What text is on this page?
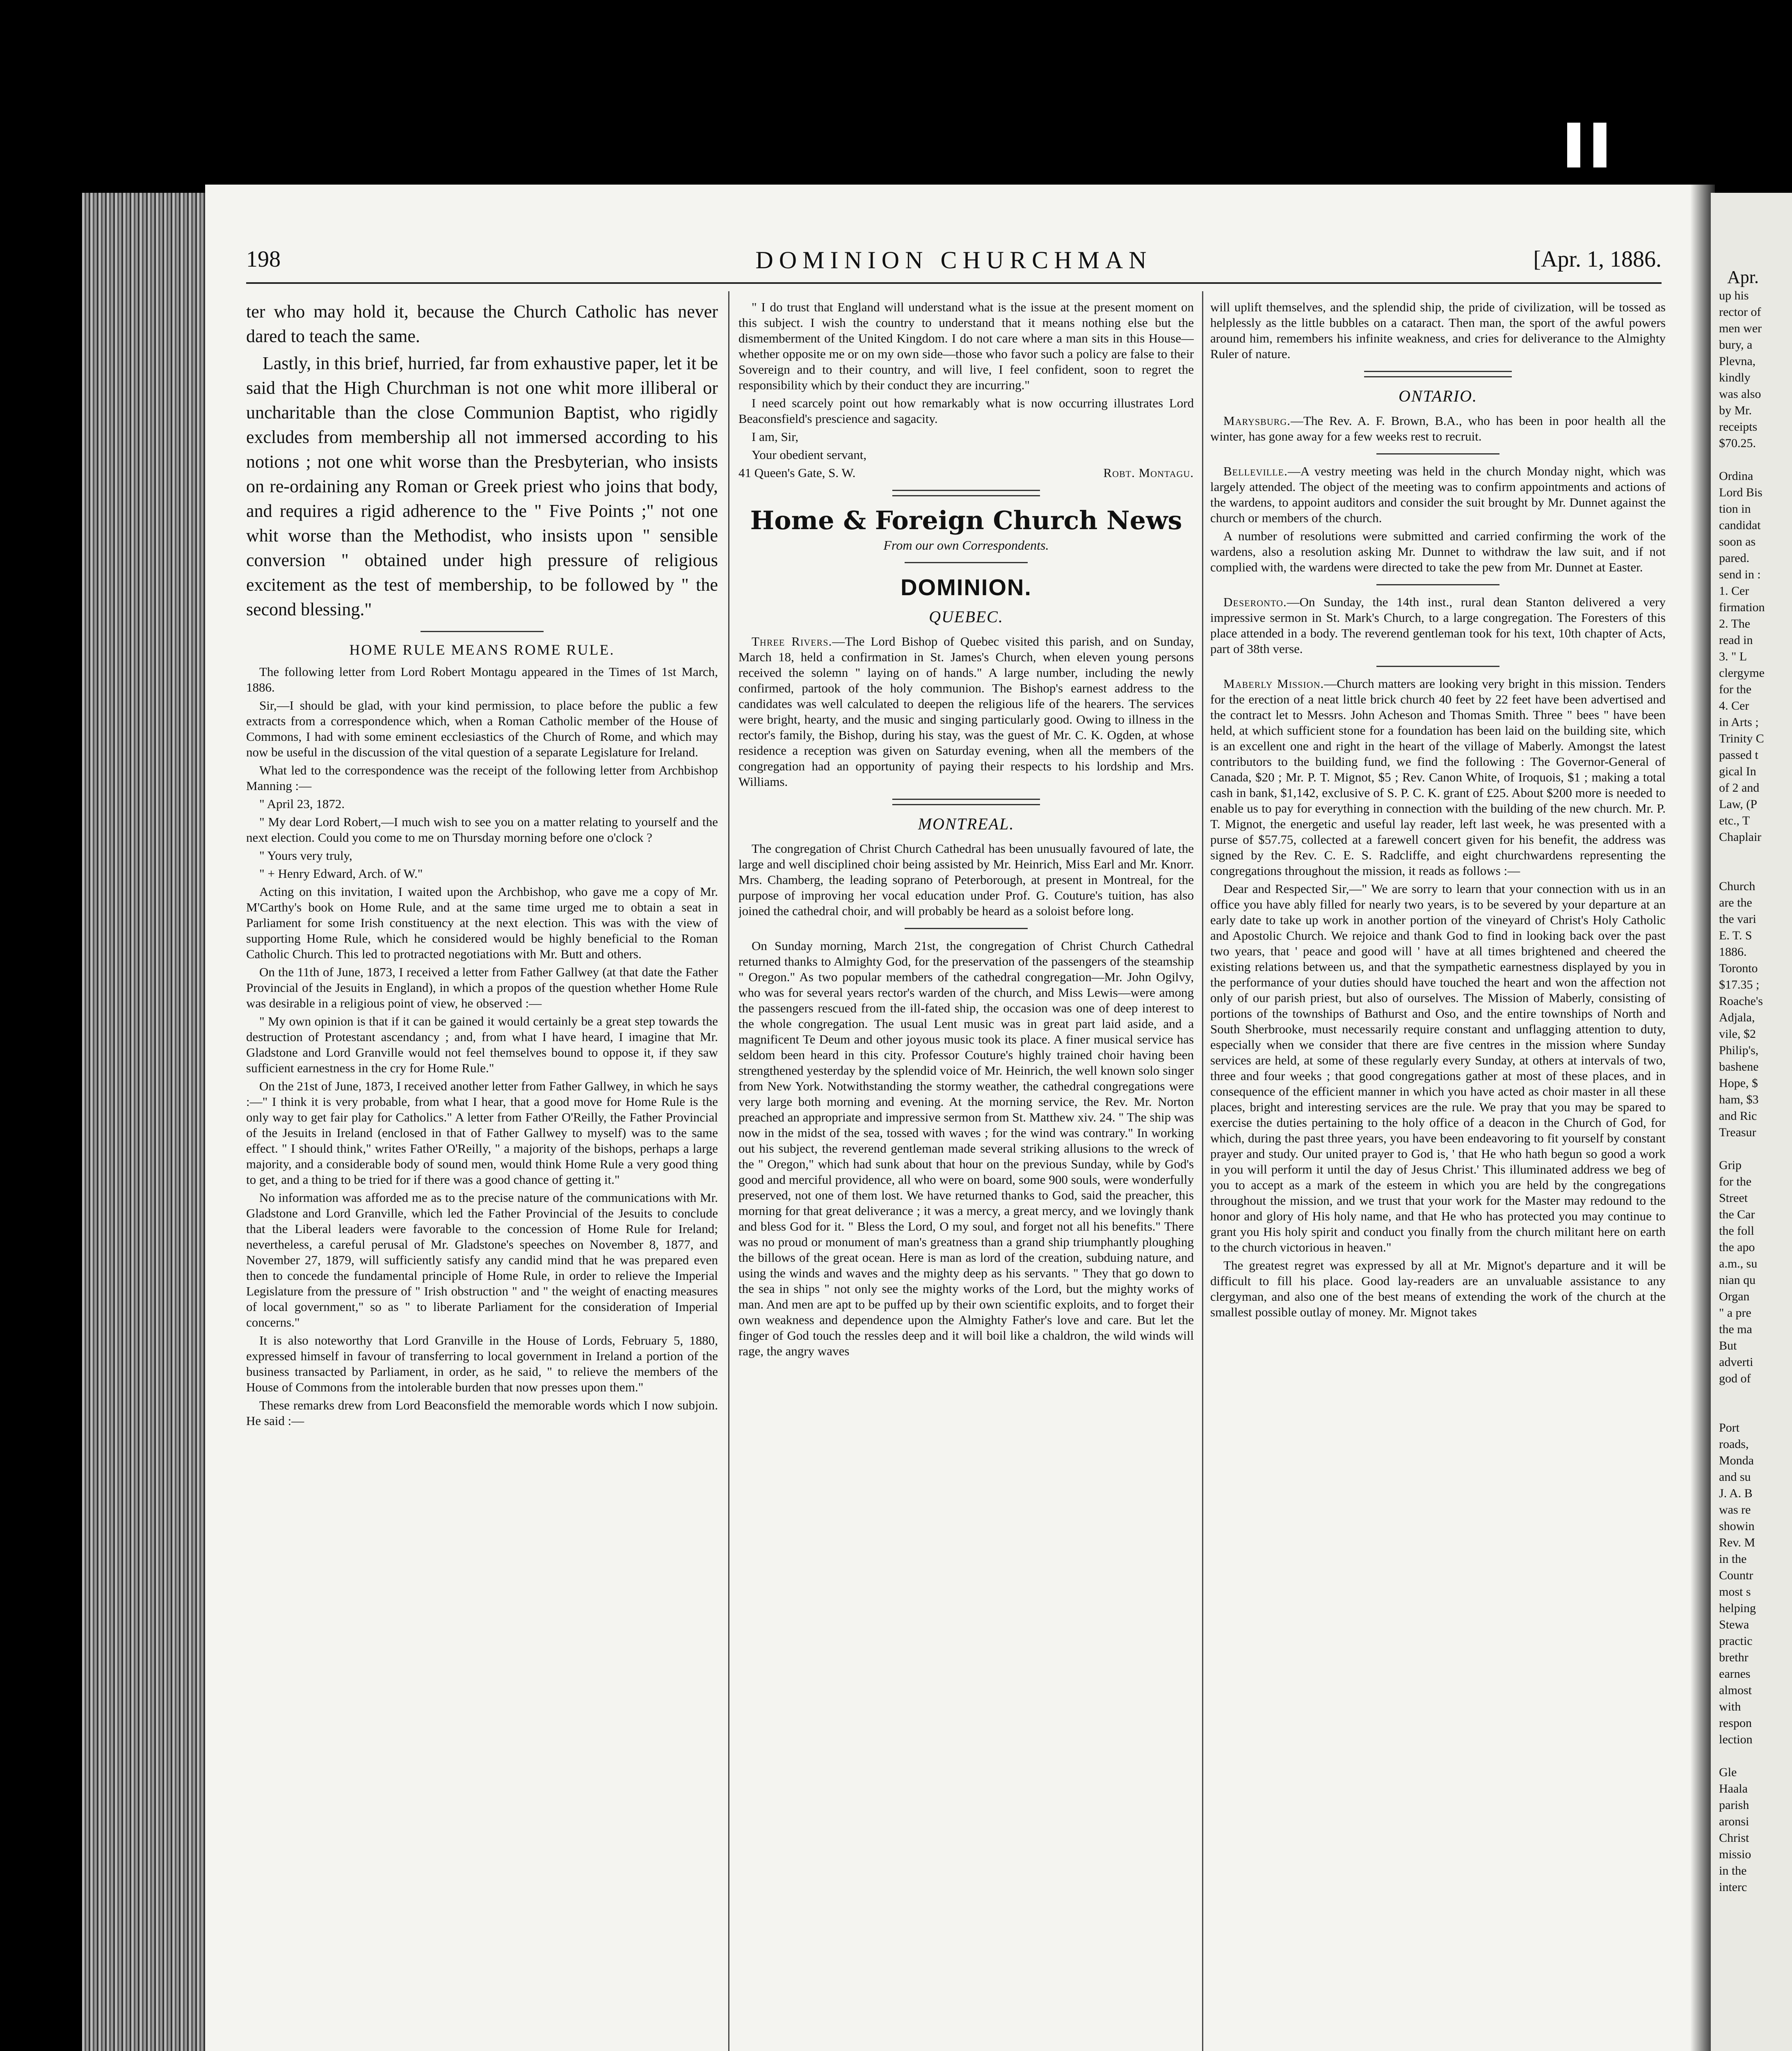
▌▌
198	DOMINION CHURCHMAN	[Apr. 1, 1886.

ter who may hold it, because the Church Catholic has never dared to teach the same.

Lastly, in this brief, hurried, far from exhaustive paper, let it be said that the High Churchman is not one whit more illiberal or uncharitable than the close Communion Baptist, who rigidly excludes from membership all not immersed according to his notions ; not one whit worse than the Presbyterian, who insists on re-ordaining any Roman or Greek priest who joins that body, and requires a rigid adherence to the " Five Points ;" not one whit worse than the Methodist, who insists upon " sensible conversion " obtained under high pressure of religious excitement as the test of membership, to be followed by " the second blessing."

HOME RULE MEANS ROME RULE.

The following letter from Lord Robert Montagu appeared in the Times of 1st March, 1886.

Sir,—I should be glad, with your kind permission, to place before the public a few extracts from a correspondence which, when a Roman Catholic member of the House of Commons, I had with some eminent ecclesiastics of the Church of Rome, and which may now be useful in the discussion of the vital question of a separate Legislature for Ireland.

What led to the correspondence was the receipt of the following letter from Archbishop Manning :—

" April 23, 1872.

" My dear Lord Robert,—I much wish to see you on a matter relating to yourself and the next election. Could you come to me on Thursday morning before one o'clock ?

" Yours very truly,

" + Henry Edward, Arch. of W."

Acting on this invitation, I waited upon the Archbishop, who gave me a copy of Mr. M'Carthy's book on Home Rule, and at the same time urged me to obtain a seat in Parliament for some Irish constituency at the next election. This was with the view of supporting Home Rule, which he considered would be highly beneficial to the Roman Catholic Church. This led to protracted negotiations with Mr. Butt and others.

On the 11th of June, 1873, I received a letter from Father Gallwey (at that date the Father Provincial of the Jesuits in England), in which a propos of the question whether Home Rule was desirable in a religious point of view, he observed :—

" My own opinion is that if it can be gained it would certainly be a great step towards the destruction of Protestant ascendancy ; and, from what I have heard, I imagine that Mr. Gladstone and Lord Granville would not feel themselves bound to oppose it, if they saw sufficient earnestness in the cry for Home Rule."

On the 21st of June, 1873, I received another letter from Father Gallwey, in which he says :—" I think it is very probable, from what I hear, that a good move for Home Rule is the only way to get fair play for Catholics." A letter from Father O'Reilly, the Father Provincial of the Jesuits in Ireland (enclosed in that of Father Gallwey to myself) was to the same effect. " I should think," writes Father O'Reilly, " a majority of the bishops, perhaps a large majority, and a considerable body of sound men, would think Home Rule a very good thing to get, and a thing to be tried for if there was a good chance of getting it."

No information was afforded me as to the precise nature of the communications with Mr. Gladstone and Lord Granville, which led the Father Provincial of the Jesuits to conclude that the Liberal leaders were favorable to the concession of Home Rule for Ireland; nevertheless, a careful perusal of Mr. Gladstone's speeches on November 8, 1877, and November 27, 1879, will sufficiently satisfy any candid mind that he was prepared even then to concede the fundamental principle of Home Rule, in order to relieve the Imperial Legislature from the pressure of " Irish obstruction " and " the weight of enacting measures of local government," so as " to liberate Parliament for the consideration of Imperial concerns."

It is also noteworthy that Lord Granville in the House of Lords, February 5, 1880, expressed himself in favour of transferring to local government in Ireland a portion of the business transacted by Parliament, in order, as he said, " to relieve the members of the House of Commons from the intolerable burden that now presses upon them."

These remarks drew from Lord Beaconsfield the memorable words which I now subjoin. He said :—

" I do trust that England will understand what is the issue at the present moment on this subject. I wish the country to understand that it means nothing else but the dismemberment of the United Kingdom. I do not care where a man sits in this House—whether opposite me or on my own side—those who favor such a policy are false to their Sovereign and to their country, and will live, I feel confident, soon to regret the responsibility which by their conduct they are incurring."

I need scarcely point out how remarkably what is now occurring illustrates Lord Beaconsfield's prescience and sagacity.

I am, Sir,

Your obedient servant,

41 Queen's Gate, S. W.	Robt. Montagu.
Home & Foreign Church News
From our own Correspondents.
DOMINION.
QUEBEC.

Three Rivers.—The Lord Bishop of Quebec visited this parish, and on Sunday, March 18, held a confirmation in St. James's Church, when eleven young persons received the solemn " laying on of hands." A large number, including the newly confirmed, partook of the holy communion. The Bishop's earnest address to the candidates was well calculated to deepen the religious life of the hearers. The services were bright, hearty, and the music and singing particularly good. Owing to illness in the rector's family, the Bishop, during his stay, was the guest of Mr. C. K. Ogden, at whose residence a reception was given on Saturday evening, when all the members of the congregation had an opportunity of paying their respects to his lordship and Mrs. Williams.

MONTREAL.

The congregation of Christ Church Cathedral has been unusually favoured of late, the large and well disciplined choir being assisted by Mr. Heinrich, Miss Earl and Mr. Knorr. Mrs. Chamberg, the leading soprano of Peterborough, at present in Montreal, for the purpose of improving her vocal education under Prof. G. Couture's tuition, has also joined the cathedral choir, and will probably be heard as a soloist before long.

On Sunday morning, March 21st, the congregation of Christ Church Cathedral returned thanks to Almighty God, for the preservation of the passengers of the steamship " Oregon." As two popular members of the cathedral congregation—Mr. John Ogilvy, who was for several years rector's warden of the church, and Miss Lewis—were among the passengers rescued from the ill-fated ship, the occasion was one of deep interest to the whole congregation. The usual Lent music was in great part laid aside, and a magnificent Te Deum and other joyous music took its place. A finer musical service has seldom been heard in this city. Professor Couture's highly trained choir having been strengthened yesterday by the splendid voice of Mr. Heinrich, the well known solo singer from New York. Notwithstanding the stormy weather, the cathedral congregations were very large both morning and evening. At the morning service, the Rev. Mr. Norton preached an appropriate and impressive sermon from St. Matthew xiv. 24. " The ship was now in the midst of the sea, tossed with waves ; for the wind was contrary." In working out his subject, the reverend gentleman made several striking allusions to the wreck of the " Oregon," which had sunk about that hour on the previous Sunday, while by God's good and merciful providence, all who were on board, some 900 souls, were wonderfully preserved, not one of them lost. We have returned thanks to God, said the preacher, this morning for that great deliverance ; it was a mercy, a great mercy, and we lovingly thank and bless God for it. " Bless the Lord, O my soul, and forget not all his benefits." There was no proud or monument of man's greatness than a grand ship triumphantly ploughing the billows of the great ocean. Here is man as lord of the creation, subduing nature, and using the winds and waves and the mighty deep as his servants. " They that go down to the sea in ships " not only see the mighty works of the Lord, but the mighty works of man. And men are apt to be puffed up by their own scientific exploits, and to forget their own weakness and dependence upon the Almighty Father's love and care. But let the finger of God touch the ressles deep and it will boil like a chaldron, the wild winds will rage, the angry waves

will uplift themselves, and the splendid ship, the pride of civilization, will be tossed as helplessly as the little bubbles on a cataract. Then man, the sport of the awful powers around him, remembers his infinite weakness, and cries for deliverance to the Almighty Ruler of nature.

ONTARIO.

Marysburg.—The Rev. A. F. Brown, B.A., who has been in poor health all the winter, has gone away for a few weeks rest to recruit.

Belleville.—A vestry meeting was held in the church Monday night, which was largely attended. The object of the meeting was to confirm appointments and actions of the wardens, to appoint auditors and consider the suit brought by Mr. Dunnet against the church or members of the church.

A number of resolutions were submitted and carried confirming the work of the wardens, also a resolution asking Mr. Dunnet to withdraw the law suit, and if not complied with, the wardens were directed to take the pew from Mr. Dunnet at Easter.

Deseronto.—On Sunday, the 14th inst., rural dean Stanton delivered a very impressive sermon in St. Mark's Church, to a large congregation. The Foresters of this place attended in a body. The reverend gentleman took for his text, 10th chapter of Acts, part of 38th verse.

Maberly Mission.—Church matters are looking very bright in this mission. Tenders for the erection of a neat little brick church 40 feet by 22 feet have been advertised and the contract let to Messrs. John Acheson and Thomas Smith. Three " bees " have been held, at which sufficient stone for a foundation has been laid on the building site, which is an excellent one and right in the heart of the village of Maberly. Amongst the latest contributors to the building fund, we find the following : The Governor-General of Canada, $20 ; Mr. P. T. Mignot, $5 ; Rev. Canon White, of Iroquois, $1 ; making a total cash in bank, $1,142, exclusive of S. P. C. K. grant of £25. About $200 more is needed to enable us to pay for everything in connection with the building of the new church. Mr. P. T. Mignot, the energetic and useful lay reader, left last week, he was presented with a purse of $57.75, collected at a farewell concert given for his benefit, the address was signed by the Rev. C. E. S. Radcliffe, and eight churchwardens representing the congregations throughout the mission, it reads as follows :—

Dear and Respected Sir,—" We are sorry to learn that your connection with us in an office you have ably filled for nearly two years, is to be severed by your departure at an early date to take up work in another portion of the vineyard of Christ's Holy Catholic and Apostolic Church. We rejoice and thank God to find in looking back over the past two years, that ' peace and good will ' have at all times brightened and cheered the existing relations between us, and that the sympathetic earnestness displayed by you in the performance of your duties should have touched the heart and won the affection not only of our parish priest, but also of ourselves. The Mission of Maberly, consisting of portions of the townships of Bathurst and Oso, and the entire townships of North and South Sherbrooke, must necessarily require constant and unflagging attention to duty, especially when we consider that there are five centres in the mission where Sunday services are held, at some of these regularly every Sunday, at others at intervals of two, three and four weeks ; that good congregations gather at most of these places, and in consequence of the efficient manner in which you have acted as choir master in all these places, bright and interesting services are the rule. We pray that you may be spared to exercise the duties pertaining to the holy office of a deacon in the Church of God, for which, during the past three years, you have been endeavoring to fit yourself by constant prayer and study. Our united prayer to God is, ' that He who hath begun so good a work in you will perform it until the day of Jesus Christ.' This illuminated address we beg of you to accept as a mark of the esteem in which you are held by the congregations throughout the mission, and we trust that your work for the Master may redound to the honor and glory of His holy name, and that He who has protected you may continue to grant you His holy spirit and conduct you finally from the church militant here on earth to the church victorious in heaven."

The greatest regret was expressed by all at Mr. Mignot's departure and it will be difficult to fill his place. Good lay-readers are an unvaluable assistance to any clergyman, and also one of the best means of extending the work of the church at the smallest possible outlay of money. Mr. Mignot takes

Apr.
up his
rector of
men wer
bury, a
Plevna,
kindly
was also
by Mr.
receipts
$70.25.

Ordina
Lord Bis
tion in
candidat
soon as
pared.
send in :
1. Cer
firmation
2. The
read in
3. " L
clergyme
for the
4. Cer
in Arts ;
Trinity C
passed t
gical In
of 2 and
Law, (P
etc., T
Chaplair

Church
are the
the vari
E. T. S
1886.
Toronto
$17.35 ;
Roache's
Adjala,
vile, $2
Philip's,
bashene
Hope, $
ham, $3
and Ric
Treasur

Grip
for the
Street
the Car
the foll
the apo
a.m., su
nian qu
Organ
" a pre
the ma
But
adverti
god of

Port
roads,
Monda
and su
J. A. B
was re
showin
Rev. M
in the
Countr
most s
helping
Stewa
practic
brethr
earnes
almost
with
respon
lection

Gle
Haala
parish
aronsi
Christ
missio
in the
interc
